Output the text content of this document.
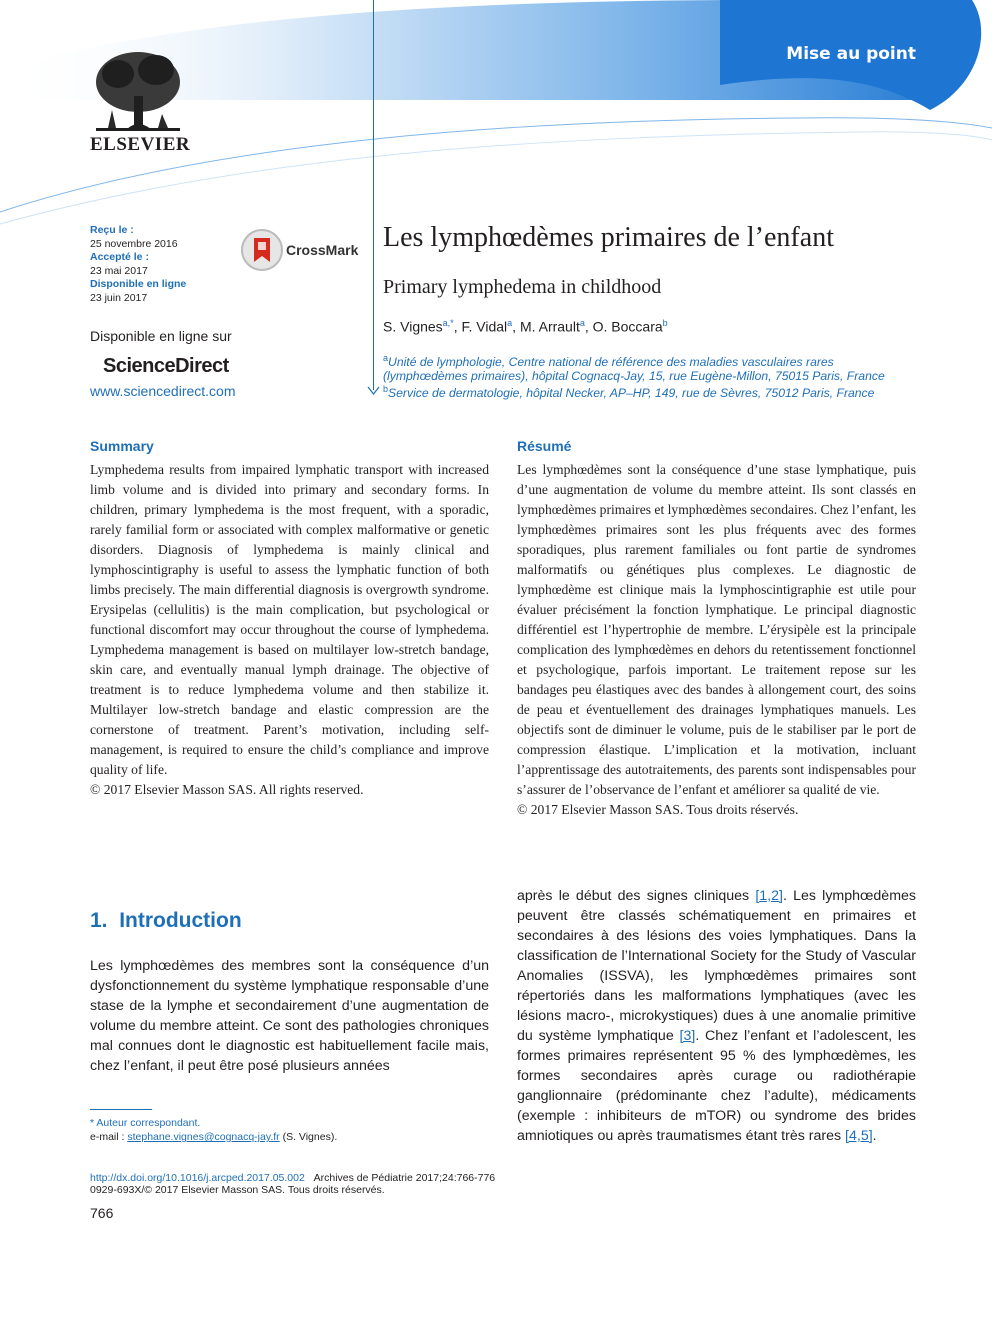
Mise au point
ELSEVIER
Reçu le :
25 novembre 2016
Accepté le :
23 mai 2017
Disponible en ligne
23 juin 2017
CrossMark
Disponible en ligne sur
ScienceDirect
www.sciencedirect.com
Les lymphœdèmes primaires de l’enfant
Primary lymphedema in childhood
S. Vignes$^{a,*}$, F. Vidal$^a$, M. Arrault$^a$, O. Boccara$^b$
$^a$Unité de lymphologie, Centre national de référence des maladies vasculaires rares
(lymphœdèmes primaires), hôpital Cognacq-Jay, 15, rue Eugène-Millon, 75015 Paris, France
$^b$Service de dermatologie, hôpital Necker, AP–HP, 149, rue de Sèvres, 75012 Paris, France
Summary

Lymphedema results from impaired lymphatic transport with increased limb volume and is divided into primary and secondary forms. In children, primary lymphedema is the most frequent, with a sporadic, rarely familial form or associated with complex malformative or genetic disorders. Diagnosis of lymphedema is mainly clinical and lymphoscintigraphy is useful to assess the lymphatic function of both limbs precisely. The main differential diagnosis is overgrowth syndrome. Erysipelas (cellulitis) is the main complication, but psychological or functional discomfort may occur throughout the course of lymphedema. Lymphedema management is based on multilayer low-stretch bandage, skin care, and eventually manual lymph drainage. The objective of treatment is to reduce lymphedema volume and then stabilize it. Multilayer low-stretch bandage and elastic compression are the cornerstone of treatment. Parent’s motivation, including self-management, is required to ensure the child’s compliance and improve quality of life.

© 2017 Elsevier Masson SAS. All rights reserved.

Résumé

Les lymphœdèmes sont la conséquence d’une stase lymphatique, puis d’une augmentation de volume du membre atteint. Ils sont classés en lymphœdèmes primaires et lymphœdèmes secondaires. Chez l’enfant, les lymphœdèmes primaires sont les plus fréquents avec des formes sporadiques, plus rarement familiales ou font partie de syndromes malformatifs ou génétiques plus complexes. Le diagnostic de lymphœdème est clinique mais la lymphoscintigraphie est utile pour évaluer précisément la fonction lymphatique. Le principal diagnostic différentiel est l’hypertrophie de membre. L’érysipèle est la principale complication des lymphœdèmes en dehors du retentissement fonctionnel et psychologique, parfois important. Le traitement repose sur les bandages peu élastiques avec des bandes à allongement court, des soins de peau et éventuellement des drainages lymphatiques manuels. Les objectifs sont de diminuer le volume, puis de le stabiliser par le port de compression élastique. L’implication et la motivation, incluant l’apprentissage des autotraitements, des parents sont indispensables pour s’assurer de l’observance de l’enfant et améliorer sa qualité de vie.

© 2017 Elsevier Masson SAS. Tous droits réservés.

1. Introduction

Les lymphœdèmes des membres sont la conséquence d’un dysfonctionnement du système lymphatique responsable d’une stase de la lymphe et secondairement d’une augmentation de volume du membre atteint. Ce sont des pathologies chroniques mal connues dont le diagnostic est habituellement facile mais, chez l’enfant, il peut être posé plusieurs années

après le début des signes cliniques [1,2]. Les lymphœdèmes peuvent être classés schématiquement en primaires et secondaires à des lésions des voies lymphatiques. Dans la classification de l’International Society for the Study of Vascular Anomalies (ISSVA), les lymphœdèmes primaires sont répertoriés dans les malformations lymphatiques (avec les lésions macro-, microkystiques) dues à une anomalie primitive du système lymphatique [3]. Chez l’enfant et l’adolescent, les formes primaires représentent 95 % des lymphœdèmes, les formes secondaires après curage ou radiothérapie ganglionnaire (prédominante chez l’adulte), médicaments (exemple : inhibiteurs de mTOR) ou syndrome des brides amniotiques ou après traumatismes étant très rares [4,5].

* Auteur correspondant.
e-mail : stephane.vignes@cognacq-jay.fr (S. Vignes).
http://dx.doi.org/10.1016/j.arcped.2017.05.002 Archives de Pédiatrie 2017;24:766-776
0929-693X/© 2017 Elsevier Masson SAS. Tous droits réservés.
766
